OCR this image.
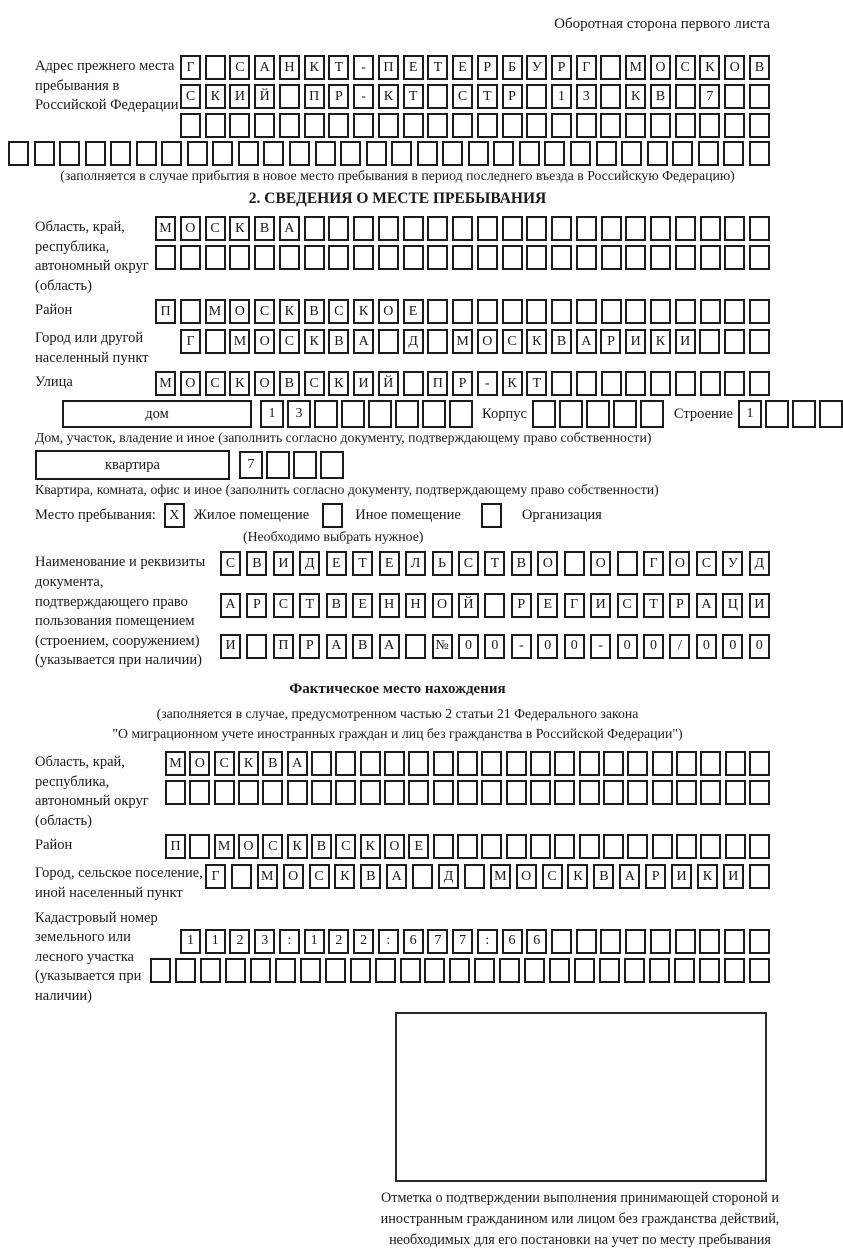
Оборотная сторона первого листа
Адрес прежнего места пребывания в Российской Федерации
Г	С	А	Н	К	Т	-	П	Е	Т	Е	Р	Б	У	Р	Г	М О	С	К	О	В
С	К	И	Й	П	Р	-	К	Т	С	Т	Р	1	3	К	В	7
(заполняется в случае прибытия в новое место пребывания в период последнего въезда в Российскую Федерацию)
2. СВЕДЕНИЯ О МЕСТЕ ПРЕБЫВАНИЯ
Область, край, республика, автономный округ (область)
М О	С	К	В	А
Район	П	М О	С	К	В	С	К	О	Е
Город или другой населенный пункт
Г	М О	С	К	В	А	Д	М О	С	К	В	А	Р	И	К	И
Улица	М О	С	К	О	В	С	К	И	Й	П	Р	-	К	Т
дом	1	3	Корпус	Строение 1
Дом, участок, владение и иное (заполнить согласно документу, подтверждающему право собственности)
квартира	7
Квартира, комната, офис и иное (заполнить согласно документу, подтверждающему право собственности)
Место пребывания: X Жилое помещение	Иное помещение	Организация
(Необходимо выбрать нужное)
Наименование и реквизиты документа, подтверждающего право пользования помещением (строением, сооружением) (указывается при наличии)
С	В	И	Д	Е	Т	Е	Л	Ь	С	Т	В	О	О	Г	О	С	У	Д
А	Р	С	Т	В	Е	Н	Н	О	Й	Р	Е	Г	И	С	Т	Р	А	Ц	И
И	П	Р	А	В	А	№	0	0	-	0	0	-	0	0	/	0	0	0
Фактическое место нахождения
(заполняется в случае, предусмотренном частью 2 статьи 21 Федерального закона
"О миграционном учете иностранных граждан и лиц без гражданства в Российской Федерации")
Область, край, республика, автономный округ (область)
М О	С	К	В	А
Район	П	М О	С	К	В	С	К	О	Е
Город, сельское поселение, иной населенный пункт
Г	М	О	С	К	В	А	Д	М	О	С	К	В	А	Р	И	К	И
Кадастровый номер земельного или лесного участка (указывается при наличии)
1	1	2	3	:	1	2	2	:	6	7	7	:	6	6
Отметка о подтверждении выполнения принимающей стороной и иностранным гражданином или лицом без гражданства действий, необходимых для его постановки на учет по месту пребывания
